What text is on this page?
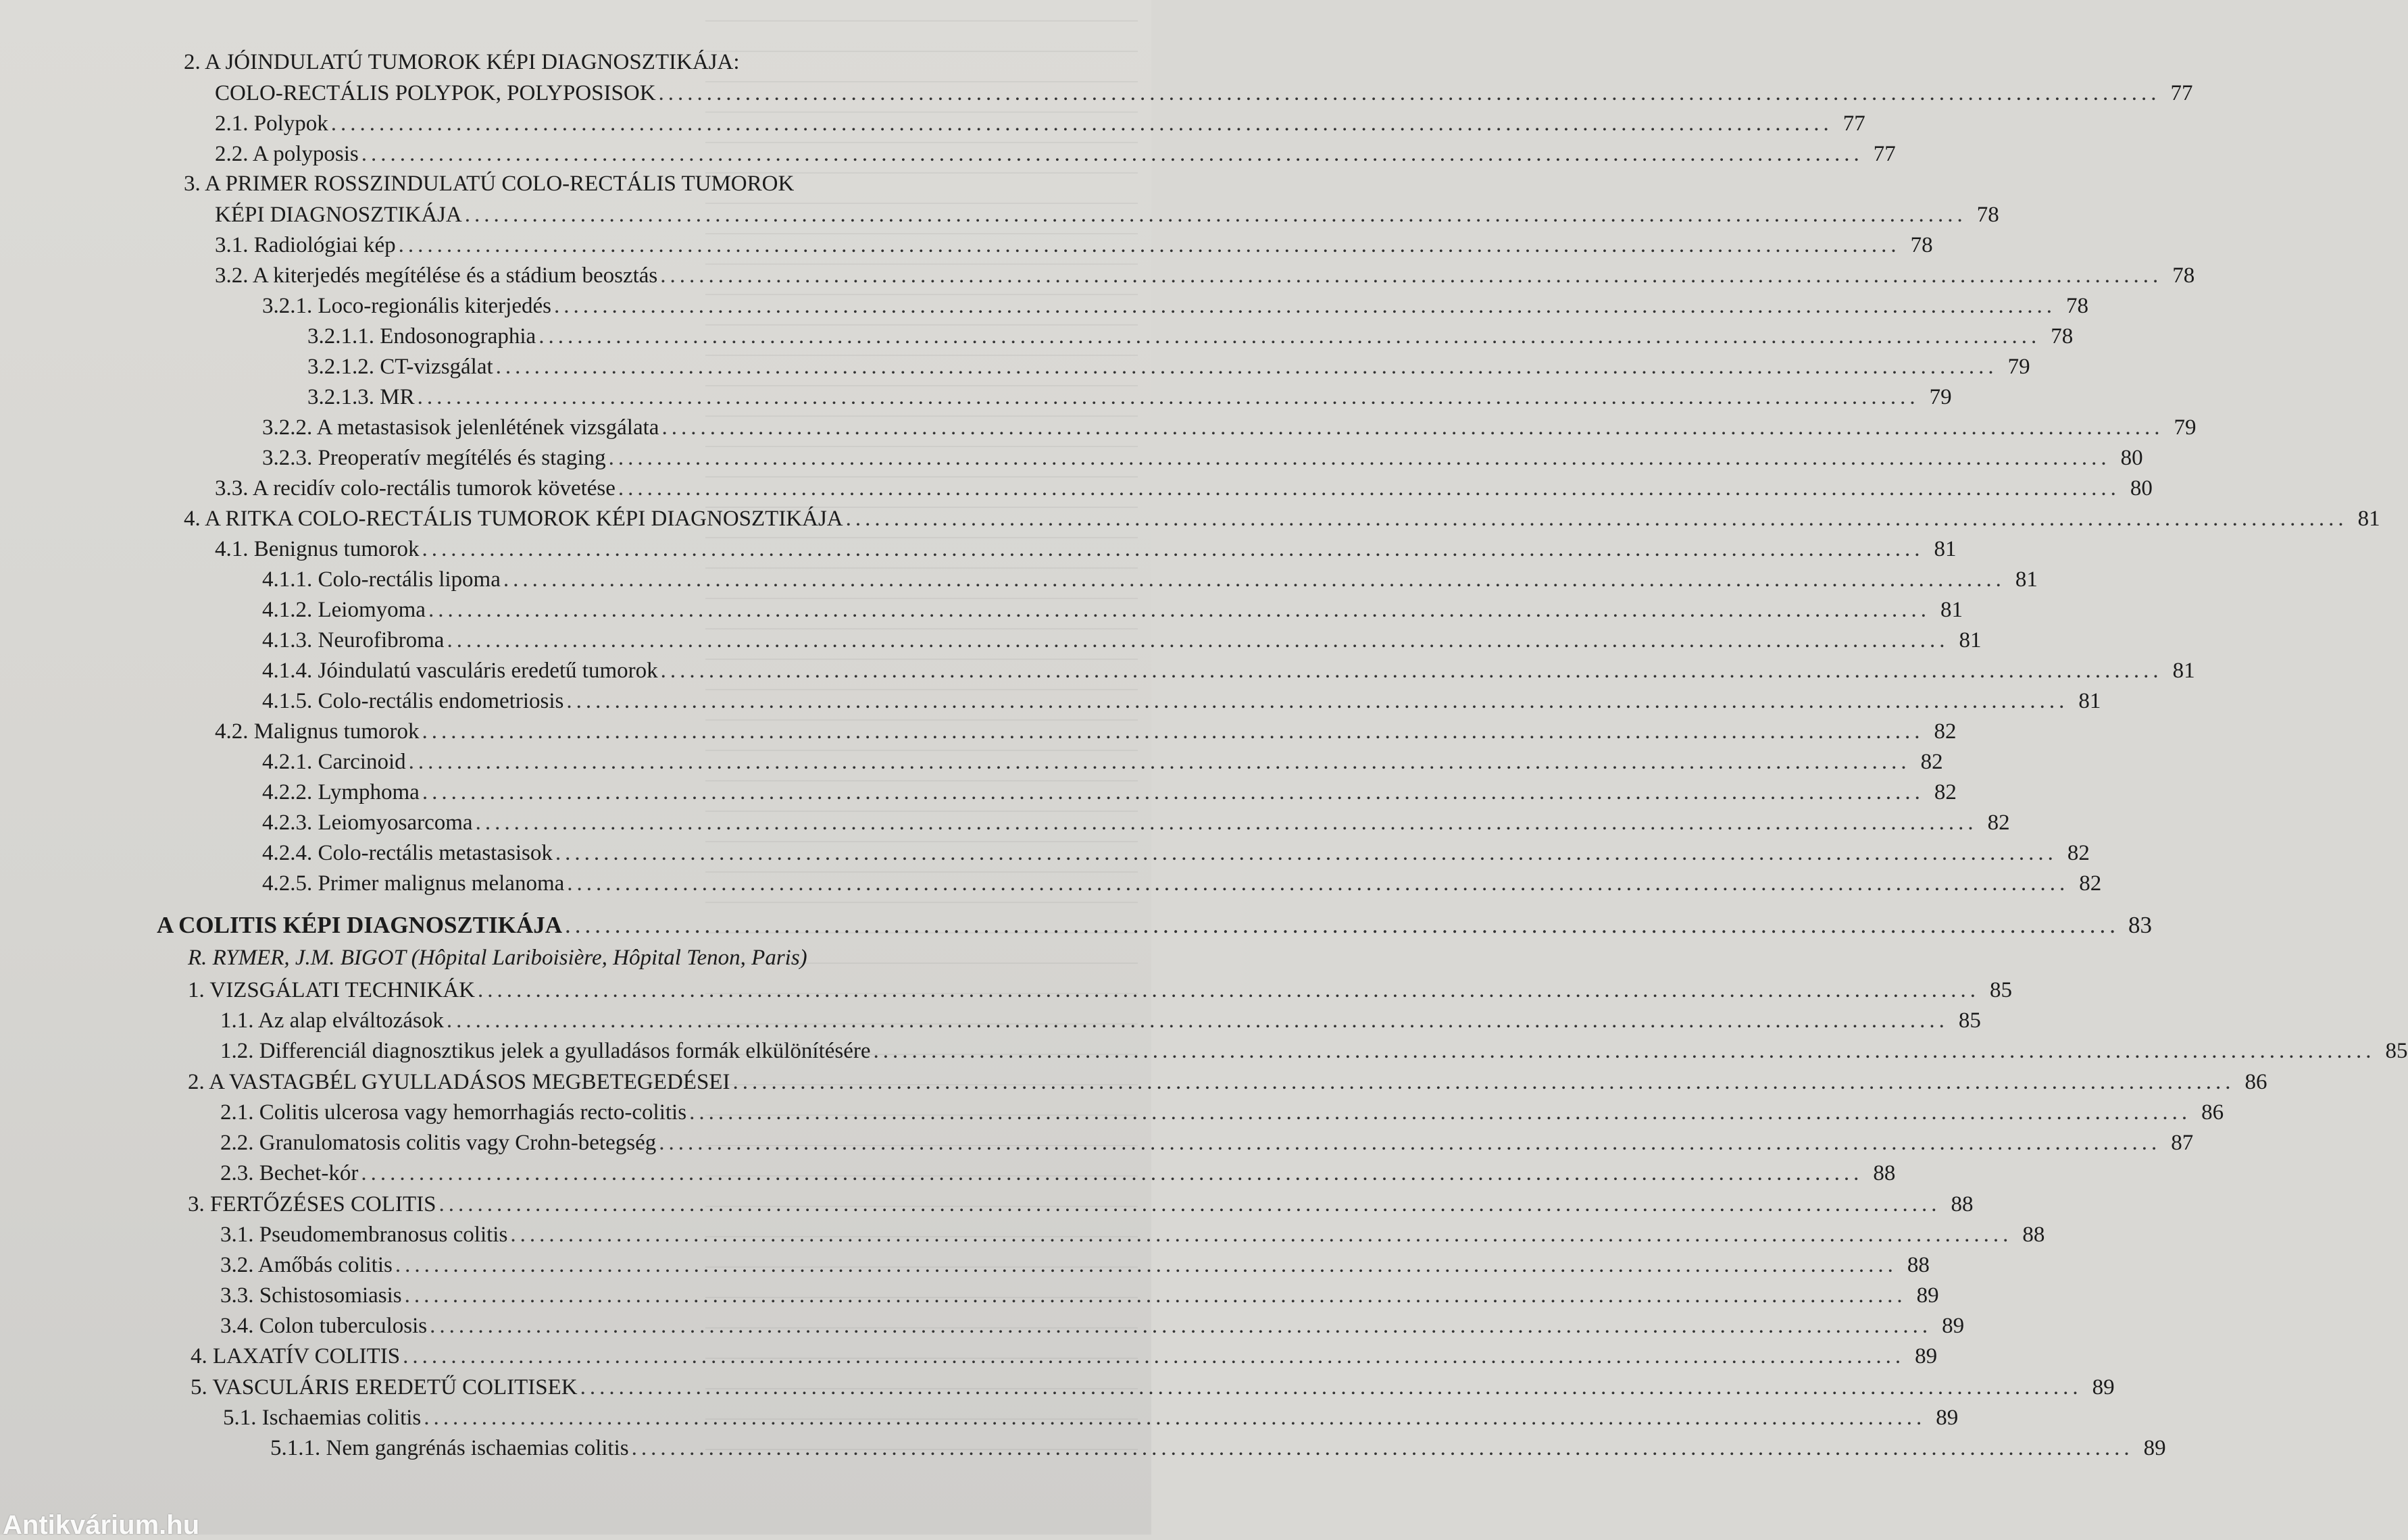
2. A JÓINDULATÚ TUMOROK KÉPI DIAGNOSZTIKÁJA:
COLO-RECTÁLIS POLYPOK, POLYPOSISOK ............................................................................................................................................................ 77
2.1. Polypok ............................................................................................................................................................ 77
2.2. A polyposis ............................................................................................................................................................ 77
3. A PRIMER ROSSZINDULATÚ COLO-RECTÁLIS TUMOROK
KÉPI DIAGNOSZTIKÁJA ............................................................................................................................................................ 78
3.1. Radiológiai kép ............................................................................................................................................................ 78
3.2. A kiterjedés megítélése és a stádium beosztás ............................................................................................................................................................ 78
3.2.1. Loco-regionális kiterjedés ............................................................................................................................................................ 78
3.2.1.1. Endosonographia ............................................................................................................................................................ 78
3.2.1.2. CT-vizsgálat ............................................................................................................................................................ 79
3.2.1.3. MR ............................................................................................................................................................ 79
3.2.2. A metastasisok jelenlétének vizsgálata ............................................................................................................................................................ 79
3.2.3. Preoperatív megítélés és staging ............................................................................................................................................................ 80
3.3. A recidív colo-rectális tumorok követése ............................................................................................................................................................ 80
4. A RITKA COLO-RECTÁLIS TUMOROK KÉPI DIAGNOSZTIKÁJA ............................................................................................................................................................ 81
4.1. Benignus tumorok ............................................................................................................................................................ 81
4.1.1. Colo-rectális lipoma ............................................................................................................................................................ 81
4.1.2. Leiomyoma ............................................................................................................................................................ 81
4.1.3. Neurofibroma ............................................................................................................................................................ 81
4.1.4. Jóindulatú vasculáris eredetű tumorok ............................................................................................................................................................ 81
4.1.5. Colo-rectális endometriosis ............................................................................................................................................................ 81
4.2. Malignus tumorok ............................................................................................................................................................ 82
4.2.1. Carcinoid ............................................................................................................................................................ 82
4.2.2. Lymphoma ............................................................................................................................................................ 82
4.2.3. Leiomyosarcoma ............................................................................................................................................................ 82
4.2.4. Colo-rectális metastasisok ............................................................................................................................................................ 82
4.2.5. Primer malignus melanoma ............................................................................................................................................................ 82
A COLITIS KÉPI DIAGNOSZTIKÁJA ............................................................................................................................................................ 83
R. RYMER, J.M. BIGOT (Hôpital Lariboisière, Hôpital Tenon, Paris)
1. VIZSGÁLATI TECHNIKÁK ............................................................................................................................................................ 85
1.1. Az alap elváltozások ............................................................................................................................................................ 85
1.2. Differenciál diagnosztikus jelek a gyulladásos formák elkülönítésére ............................................................................................................................................................ 85
2. A VASTAGBÉL GYULLADÁSOS MEGBETEGEDÉSEI ............................................................................................................................................................ 86
2.1. Colitis ulcerosa vagy hemorrhagiás recto-colitis ............................................................................................................................................................ 86
2.2. Granulomatosis colitis vagy Crohn-betegség ............................................................................................................................................................ 87
2.3. Bechet-kór ............................................................................................................................................................ 88
3. FERTŐZÉSES COLITIS ............................................................................................................................................................ 88
3.1. Pseudomembranosus colitis ............................................................................................................................................................ 88
3.2. Amőbás colitis ............................................................................................................................................................ 88
3.3. Schistosomiasis ............................................................................................................................................................ 89
3.4. Colon tuberculosis ............................................................................................................................................................ 89
4. LAXATÍV COLITIS ............................................................................................................................................................ 89
5. VASCULÁRIS EREDETŰ COLITISEK ............................................................................................................................................................ 89
5.1. Ischaemias colitis ............................................................................................................................................................ 89
5.1.1. Nem gangrénás ischaemias colitis ............................................................................................................................................................ 89
Antikvárium.hu
